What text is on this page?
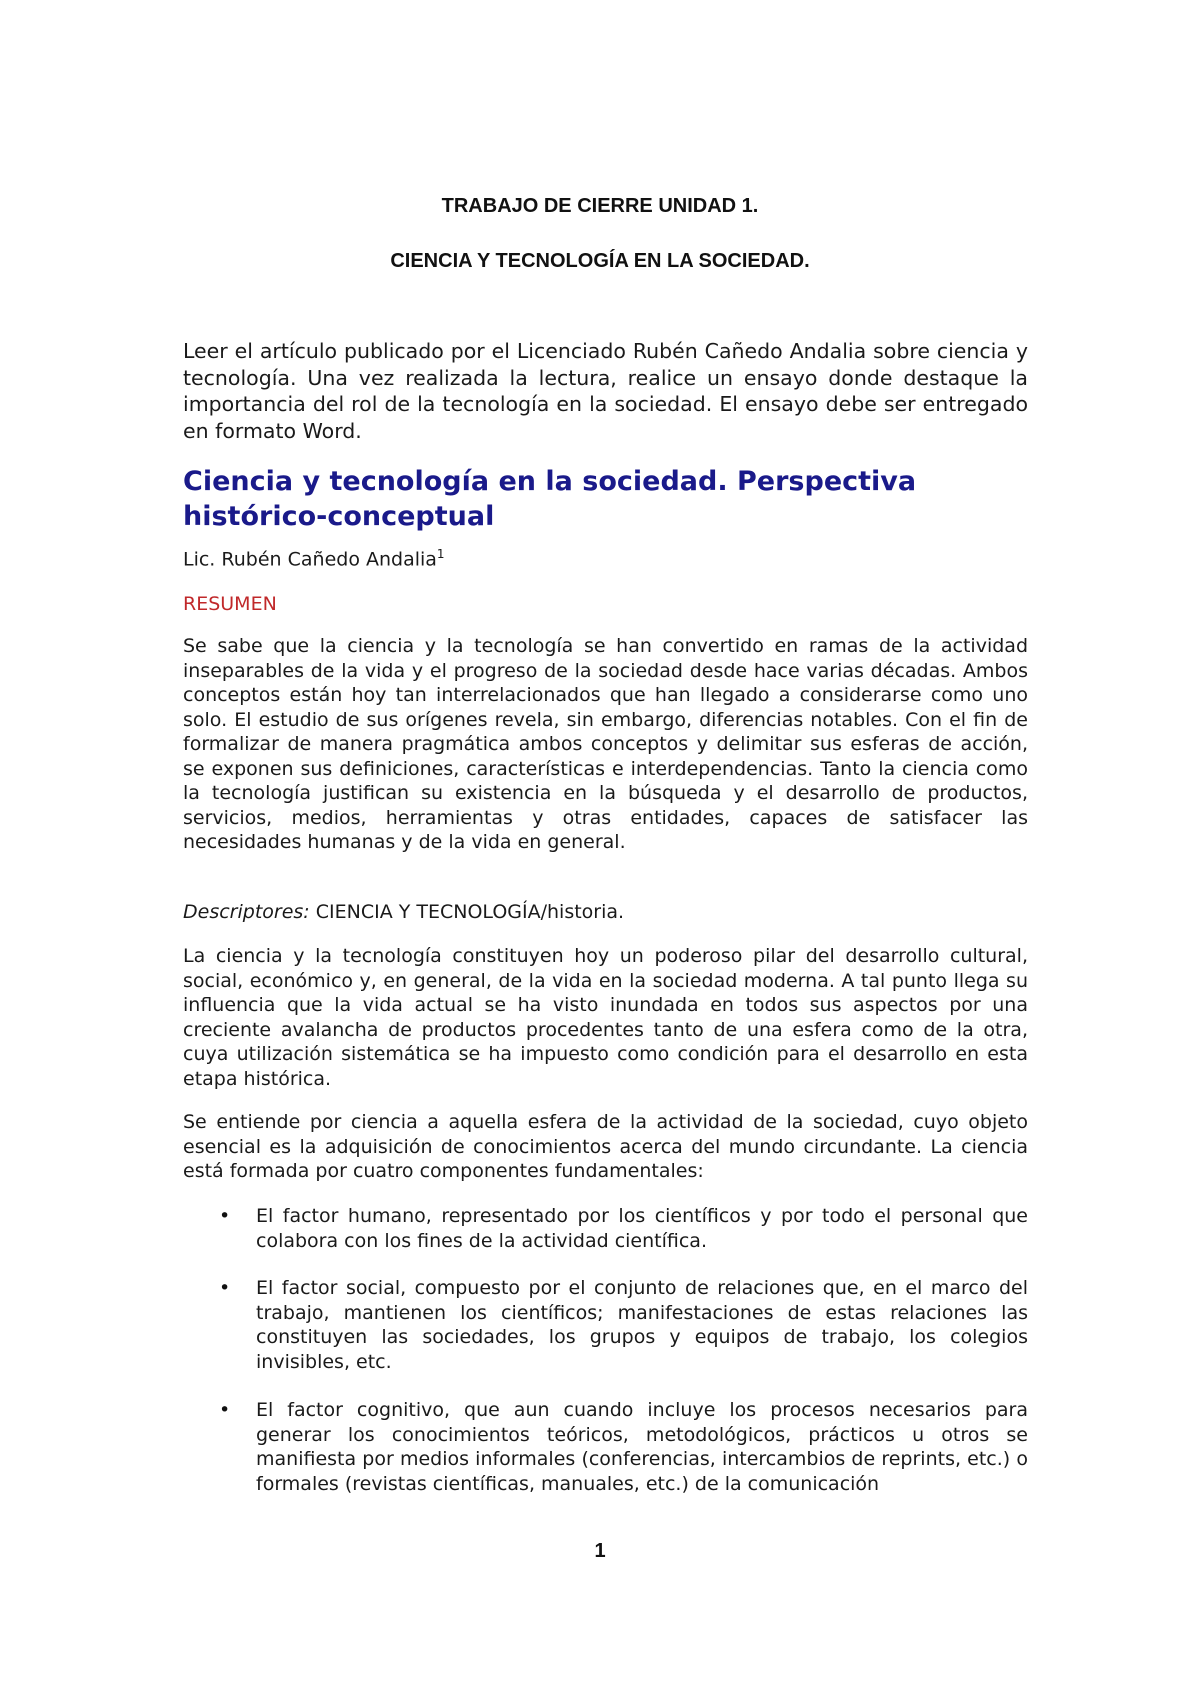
TRABAJO DE CIERRE UNIDAD 1.
CIENCIA Y TECNOLOGÍA EN LA SOCIEDAD.

Leer el artículo publicado por el Licenciado Rubén Cañedo Andalia sobre ciencia y tecnología. Una vez realizada la lectura, realice un ensayo donde destaque la importancia del rol de la tecnología en la sociedad. El ensayo debe ser entregado en formato Word.

Ciencia y tecnología en la sociedad. Perspectiva histórico-conceptual
Lic. Rubén Cañedo Andalia$^1$
RESUMEN

Se sabe que la ciencia y la tecnología se han convertido en ramas de la actividad inseparables de la vida y el progreso de la sociedad desde hace varias décadas. Ambos conceptos están hoy tan interrelacionados que han llegado a considerarse como uno solo. El estudio de sus orígenes revela, sin embargo, diferencias notables. Con el fin de formalizar de manera pragmática ambos conceptos y delimitar sus esferas de acción, se exponen sus definiciones, características e interdependencias. Tanto la ciencia como la tecnología justifican su existencia en la búsqueda y el desarrollo de productos, servicios, medios, herramientas y otras entidades, capaces de satisfacer las necesidades humanas y de la vida en general.

Descriptores: CIENCIA Y TECNOLOGÍA/historia.

La ciencia y la tecnología constituyen hoy un poderoso pilar del desarrollo cultural, social, económico y, en general, de la vida en la sociedad moderna. A tal punto llega su influencia que la vida actual se ha visto inundada en todos sus aspectos por una creciente avalancha de productos procedentes tanto de una esfera como de la otra, cuya utilización sistemática se ha impuesto como condición para el desarrollo en esta etapa histórica.

Se entiende por ciencia a aquella esfera de la actividad de la sociedad, cuyo objeto esencial es la adquisición de conocimientos acerca del mundo circundante. La ciencia está formada por cuatro componentes fundamentales:

• El factor humano, representado por los científicos y por todo el personal que colabora con los fines de la actividad científica.

• El factor social, compuesto por el conjunto de relaciones que, en el marco del trabajo, mantienen los científicos; manifestaciones de estas relaciones las constituyen las sociedades, los grupos y equipos de trabajo, los colegios invisibles, etc.

• El factor cognitivo, que aun cuando incluye los procesos necesarios para generar los conocimientos teóricos, metodológicos, prácticos u otros se manifiesta por medios informales (conferencias, intercambios de reprints, etc.) o formales (revistas científicas, manuales, etc.) de la comunicación

1
